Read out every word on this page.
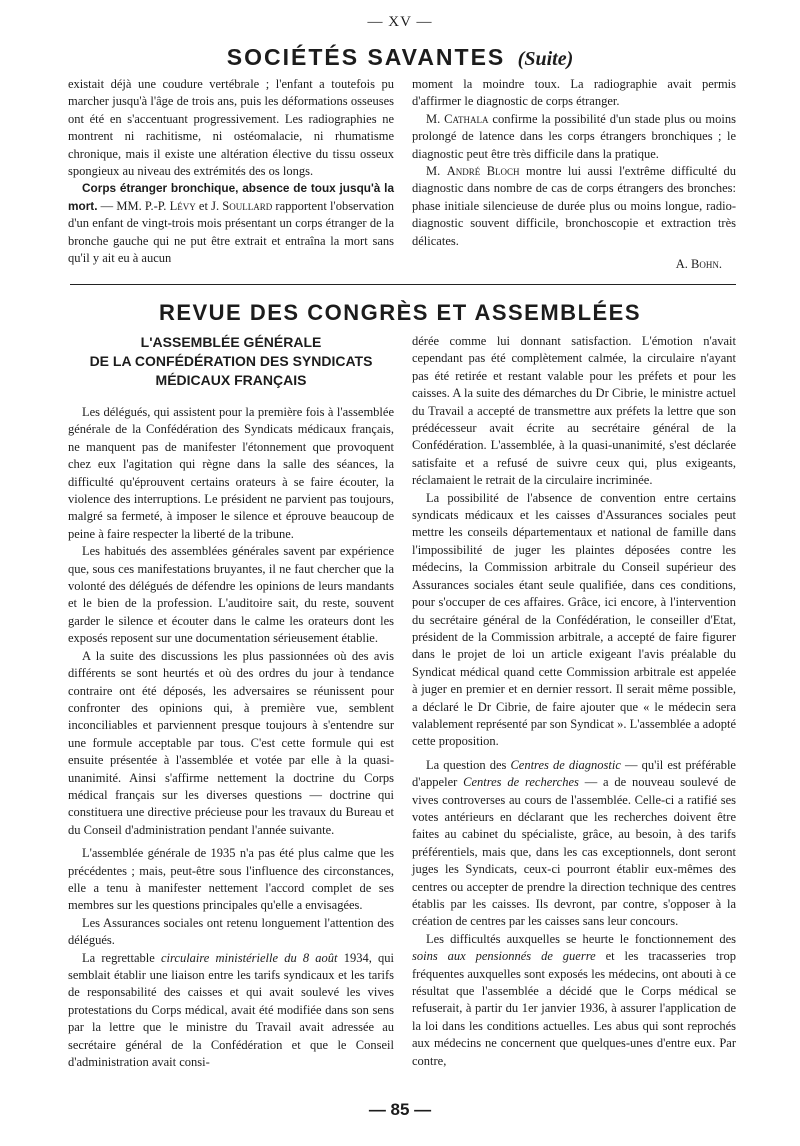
— XV —
SOCIÉTÉS SAVANTES (Suite)

existait déjà une coudure vertébrale ; l'enfant a toutefois pu marcher jusqu'à l'âge de trois ans, puis les déformations osseuses ont été en s'accentuant progressivement. Les radiographies ne montrent ni rachitisme, ni ostéomalacie, ni rhumatisme chronique, mais il existe une altération élective du tissu osseux spongieux au niveau des extrémités des os longs.

Corps étranger bronchique, absence de toux jusqu'à la mort. — MM. P.-P. Lévy et J. Soullard rapportent l'observation d'un enfant de vingt-trois mois présentant un corps étranger de la bronche gauche qui ne put être extrait et entraîna la mort sans qu'il y ait eu à aucun

moment la moindre toux. La radiographie avait permis d'affirmer le diagnostic de corps étranger.

M. Cathala confirme la possibilité d'un stade plus ou moins prolongé de latence dans les corps étrangers bronchiques ; le diagnostic peut être très difficile dans la pratique.

M. André Bloch montre lui aussi l'extrême difficulté du diagnostic dans nombre de cas de corps étrangers des bronches: phase initiale silencieuse de durée plus ou moins longue, radio-diagnostic souvent difficile, bronchoscopie et extraction très délicates.

A. Bohn.
REVUE DES CONGRÈS ET ASSEMBLÉES
L'ASSEMBLÉE GÉNÉRALE
DE LA CONFÉDÉRATION DES SYNDICATS
MÉDICAUX FRANÇAIS

Les délégués, qui assistent pour la première fois à l'assemblée générale de la Confédération des Syndicats médicaux français, ne manquent pas de manifester l'étonnement que provoquent chez eux l'agitation qui règne dans la salle des séances, la difficulté qu'éprouvent certains orateurs à se faire écouter, la violence des interruptions. Le président ne parvient pas toujours, malgré sa fermeté, à imposer le silence et éprouve beaucoup de peine à faire respecter la liberté de la tribune.

Les habitués des assemblées générales savent par expérience que, sous ces manifestations bruyantes, il ne faut chercher que la volonté des délégués de défendre les opinions de leurs mandants et le bien de la profession. L'auditoire sait, du reste, souvent garder le silence et écouter dans le calme les orateurs dont les exposés reposent sur une documentation sérieusement établie.

A la suite des discussions les plus passionnées où des avis différents se sont heurtés et où des ordres du jour à tendance contraire ont été déposés, les adversaires se réunissent pour confronter des opinions qui, à première vue, semblent inconciliables et parviennent presque toujours à s'entendre sur une formule acceptable par tous. C'est cette formule qui est ensuite présentée à l'assemblée et votée par elle à la quasi-unanimité. Ainsi s'affirme nettement la doctrine du Corps médical français sur les diverses questions — doctrine qui constituera une directive précieuse pour les travaux du Bureau et du Conseil d'administration pendant l'année suivante.

L'assemblée générale de 1935 n'a pas été plus calme que les précédentes ; mais, peut-être sous l'influence des circonstances, elle a tenu à manifester nettement l'accord complet de ses membres sur les questions principales qu'elle a envisagées.

Les Assurances sociales ont retenu longuement l'attention des délégués.

La regrettable circulaire ministérielle du 8 août 1934, qui semblait établir une liaison entre les tarifs syndicaux et les tarifs de responsabilité des caisses et qui avait soulevé les vives protestations du Corps médical, avait été modifiée dans son sens par la lettre que le ministre du Travail avait adressée au secrétaire général de la Confédération et que le Conseil d'administration avait consi-

dérée comme lui donnant satisfaction. L'émotion n'avait cependant pas été complètement calmée, la circulaire n'ayant pas été retirée et restant valable pour les préfets et pour les caisses. A la suite des démarches du Dr Cibrie, le ministre actuel du Travail a accepté de transmettre aux préfets la lettre que son prédécesseur avait écrite au secrétaire général de la Confédération. L'assemblée, à la quasi-unanimité, s'est déclarée satisfaite et a refusé de suivre ceux qui, plus exigeants, réclamaient le retrait de la circulaire incriminée.

La possibilité de l'absence de convention entre certains syndicats médicaux et les caisses d'Assurances sociales peut mettre les conseils départementaux et national de famille dans l'impossibilité de juger les plaintes déposées contre les médecins, la Commission arbitrale du Conseil supérieur des Assurances sociales étant seule qualifiée, dans ces conditions, pour s'occuper de ces affaires. Grâce, ici encore, à l'intervention du secrétaire général de la Confédération, le conseiller d'Etat, président de la Commission arbitrale, a accepté de faire figurer dans le projet de loi un article exigeant l'avis préalable du Syndicat médical quand cette Commission arbitrale est appelée à juger en premier et en dernier ressort. Il serait même possible, a déclaré le Dr Cibrie, de faire ajouter que « le médecin sera valablement représenté par son Syndicat ». L'assemblée a adopté cette proposition.

La question des Centres de diagnostic — qu'il est préférable d'appeler Centres de recherches — a de nouveau soulevé de vives controverses au cours de l'assemblée. Celle-ci a ratifié ses votes antérieurs en déclarant que les recherches doivent être faites au cabinet du spécialiste, grâce, au besoin, à des tarifs préférentiels, mais que, dans les cas exceptionnels, dont seront juges les Syndicats, ceux-ci pourront établir eux-mêmes des centres ou accepter de prendre la direction technique des centres établis par les caisses. Ils devront, par contre, s'opposer à la création de centres par les caisses sans leur concours.

Les difficultés auxquelles se heurte le fonctionnement des soins aux pensionnés de guerre et les tracasseries trop fréquentes auxquelles sont exposés les médecins, ont abouti à ce résultat que l'assemblée a décidé que le Corps médical se refuserait, à partir du 1er janvier 1936, à assurer l'application de la loi dans les conditions actuelles. Les abus qui sont reprochés aux médecins ne concernent que quelques-unes d'entre eux. Par contre,

— 85 —
